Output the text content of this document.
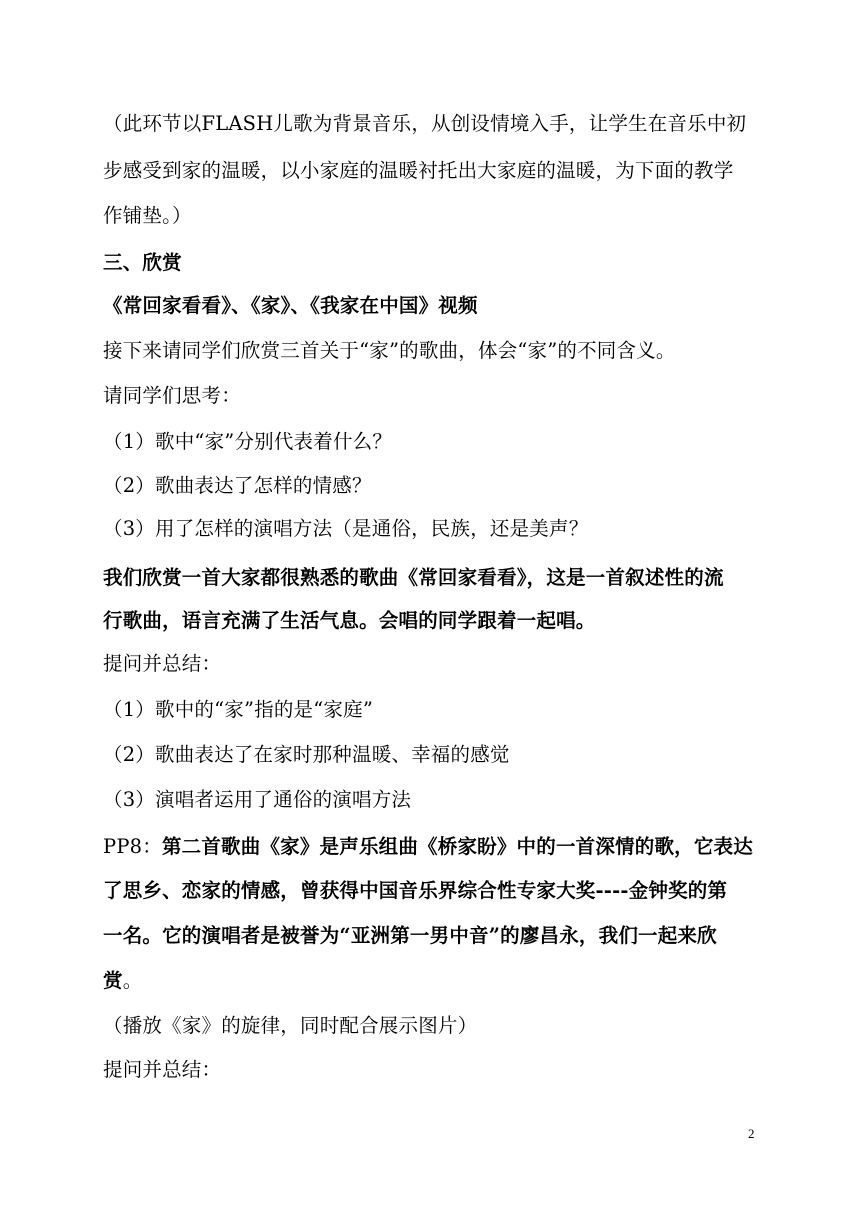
（此环节以FLASH儿歌为背景音乐，从创设情境入手，让学生在音乐中初
步感受到家的温暖，以小家庭的温暖衬托出大家庭的温暖，为下面的教学
作铺垫。）
三、欣赏
《常回家看看》、《家》、《我家在中国》视频
接下来请同学们欣赏三首关于“家”的歌曲，体会“家”的不同含义。
请同学们思考：
（1）歌中“家”分别代表着什么？
（2）歌曲表达了怎样的情感？
（3）用了怎样的演唱方法（是通俗，民族，还是美声？
我们欣赏一首大家都很熟悉的歌曲《常回家看看》，这是一首叙述性的流
行歌曲，语言充满了生活气息。会唱的同学跟着一起唱。
提问并总结：
（1）歌中的“家”指的是“家庭”
（2）歌曲表达了在家时那种温暖、幸福的感觉
（3）演唱者运用了通俗的演唱方法
PP8：第二首歌曲《家》是声乐组曲《桥家盼》中的一首深情的歌，它表达
了思乡、恋家的情感，曾获得中国音乐界综合性专家大奖----金钟奖的第
一名。它的演唱者是被誉为“亚洲第一男中音”的廖昌永，我们一起来欣
赏。
（播放《家》的旋律，同时配合展示图片）
提问并总结：
2
